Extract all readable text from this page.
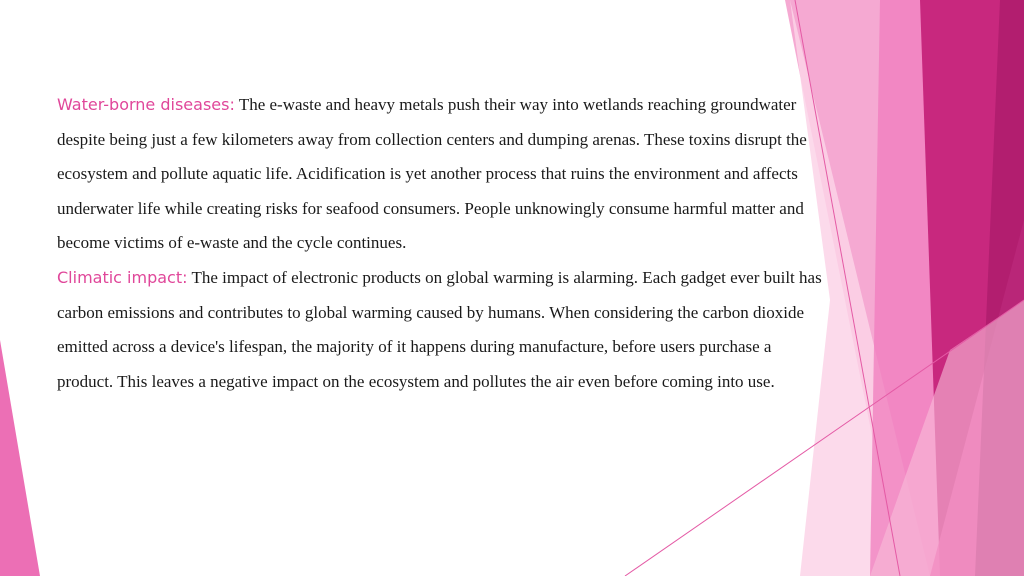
Water-borne diseases: The e-waste and heavy metals push their way into wetlands reaching groundwater despite being just a few kilometers away from collection centers and dumping arenas. These toxins disrupt the ecosystem and pollute aquatic life. Acidification is yet another process that ruins the environment and affects underwater life while creating risks for seafood consumers. People unknowingly consume harmful matter and become victims of e-waste and the cycle continues.

Climatic impact: The impact of electronic products on global warming is alarming. Each gadget ever built has carbon emissions and contributes to global warming caused by humans. When considering the carbon dioxide emitted across a device's lifespan, the majority of it happens during manufacture, before users purchase a product. This leaves a negative impact on the ecosystem and pollutes the air even before coming into use.
